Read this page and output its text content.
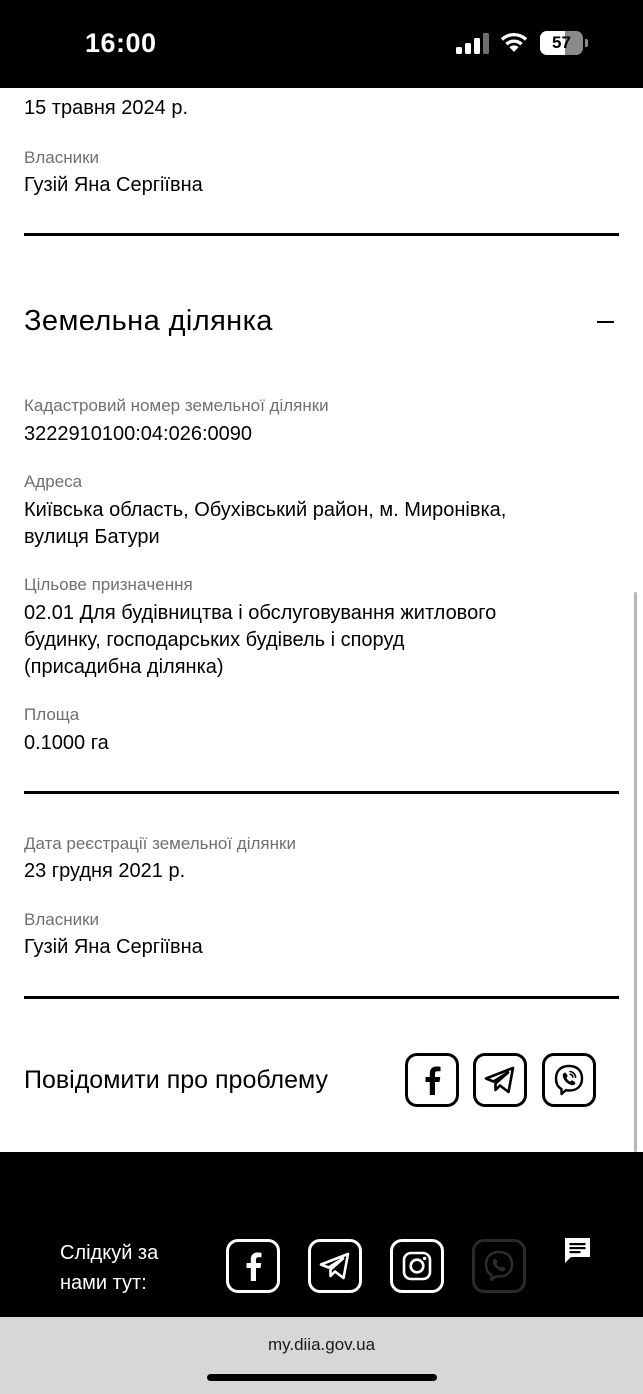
16:00	57
15 травня 2024 р.
Власники
Гузій Яна Сергіївна
Земельна ділянка
Кадастровий номер земельної ділянки
3222910100:04:026:0090
Адреса
Київська область, Обухівський район, м. Миронівка,
вулиця Батури
Цільове признaчення
02.01 Для будівництва і обслуговування житлового
будинку, господарських будівель і споруд
(присадибна ділянка)
Площа
0.1000 га
Дата реєстрації земельної ділянки
23 грудня 2021 р.
Власники
Гузій Яна Сергіївна
Повідомити про проблему
Слідкуй за
нами тут:
my.diia.gov.ua
